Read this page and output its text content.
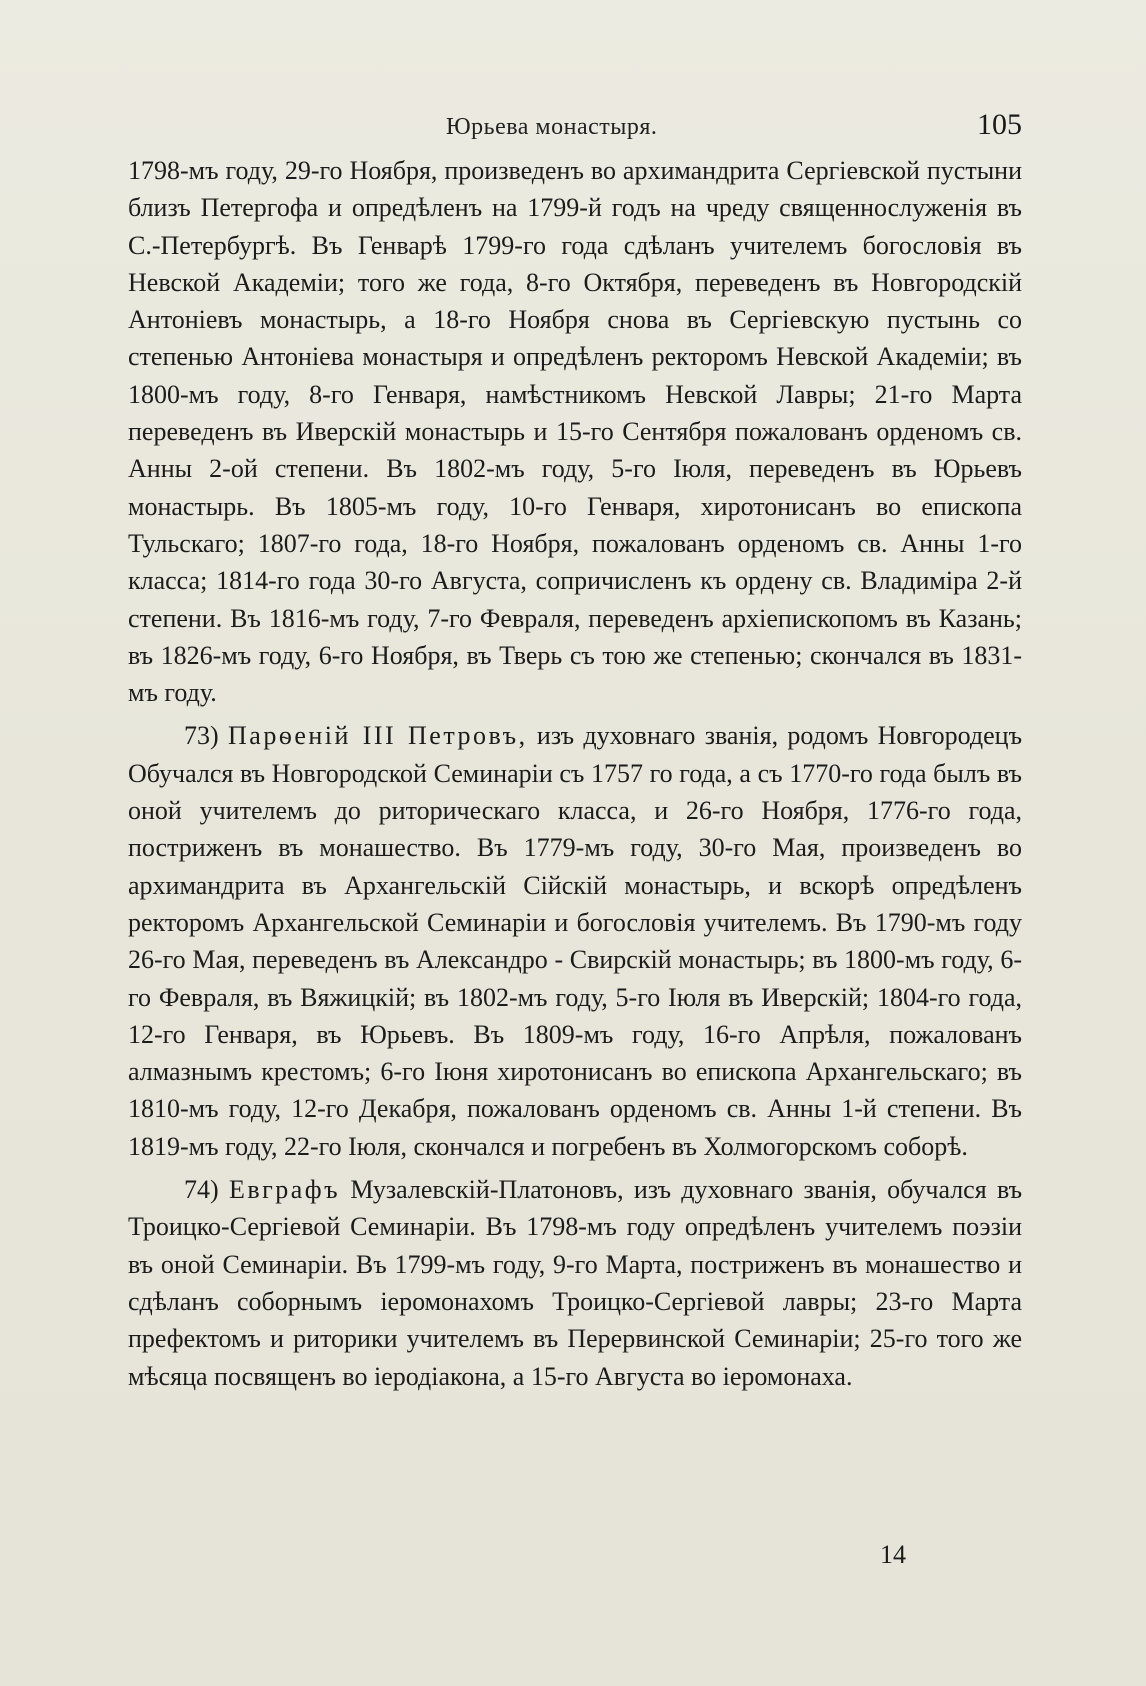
Юрьева монастыря.	105

1798-мъ году, 29-го Ноября, произведенъ во архимандрита Сергіевской пустыни близъ Петергофа и опредѣленъ на 1799-й годъ на чреду священнослуженія въ С.-Петербургѣ. Въ Генварѣ 1799-го года сдѣланъ учителемъ богословія въ Невской Академіи; того же года, 8-го Октября, переведенъ въ Новгородскій Антоніевъ монастырь, а 18-го Ноября снова въ Сергіевскую пустынь со степенью Антоніева монастыря и опредѣленъ ректоромъ Невской Академіи; въ 1800-мъ году, 8-го Генваря, намѣстникомъ Невской Лавры; 21-го Марта переведенъ въ Иверскій монастырь и 15-го Сентября пожалованъ орденомъ св. Анны 2-ой степени. Въ 1802-мъ году, 5-го Іюля, переведенъ въ Юрьевъ монастырь. Въ 1805-мъ году, 10-го Генваря, хиротонисанъ во епископа Тульскаго; 1807-го года, 18-го Ноября, пожалованъ орденомъ св. Анны 1-го класса; 1814-го года 30-го Августа, сопричисленъ къ ордену св. Владиміра 2-й степени. Въ 1816-мъ году, 7-го Февраля, переведенъ архіепископомъ въ Казань; въ 1826-мъ году, 6-го Ноября, въ Тверь съ тою же степенью; скончался въ 1831-мъ году.

73) Парѳеній III Петровъ, изъ духовнаго званія, родомъ Новгородецъ Обучался въ Новгородской Семинаріи съ 1757 го года, а съ 1770-го года былъ въ оной учителемъ до риторическаго класса, и 26-го Ноября, 1776-го года, постриженъ въ монашество. Въ 1779-мъ году, 30-го Мая, произведенъ во архимандрита въ Архангельскій Сійскій монастырь, и вскорѣ опредѣленъ ректоромъ Архангельской Семинаріи и богословія учителемъ. Въ 1790-мъ году 26-го Мая, переведенъ въ Александро - Свирскій монастырь; въ 1800-мъ году, 6-го Февраля, въ Вяжицкій; въ 1802-мъ году, 5-го Іюля въ Иверскій; 1804-го года, 12-го Генваря, въ Юрьевъ. Въ 1809-мъ году, 16-го Апрѣля, пожалованъ алмазнымъ крестомъ; 6-го Іюня хиротонисанъ во епископа Архангельскаго; въ 1810-мъ году, 12-го Декабря, пожалованъ орденомъ св. Анны 1-й степени. Въ 1819-мъ году, 22-го Іюля, скончался и погребенъ въ Холмогорскомъ соборѣ.

74) Евграфъ Музалевскій-Платоновъ, изъ духовнаго званія, обучался въ Троицко-Сергіевой Семинаріи. Въ 1798-мъ году опредѣленъ учителемъ поэзіи въ оной Семинаріи. Въ 1799-мъ году, 9-го Марта, постриженъ въ монашество и сдѣланъ соборнымъ іеромонахомъ Троицко-Сергіевой лавры; 23-го Марта префектомъ и риторики учителемъ въ Перервинской Семинаріи; 25-го того же мѣсяца посвященъ во іеродіакона, а 15-го Августа во іеромонаха.

14
